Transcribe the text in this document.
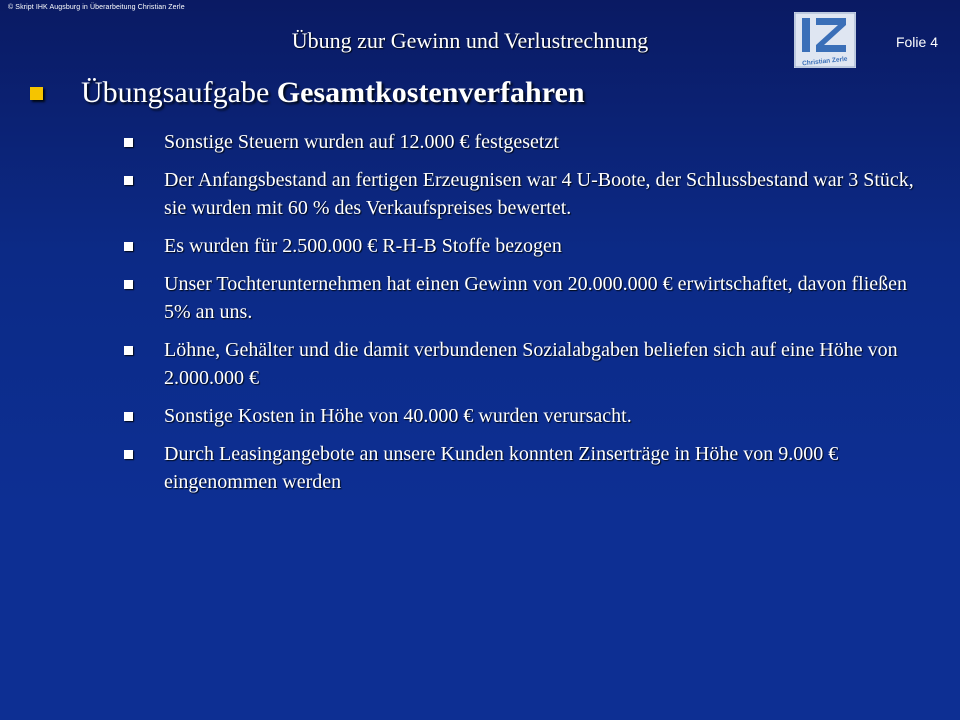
© Skript IHK Augsburg in Überarbeitung Christian Zerle
Übung zur Gewinn und Verlustrechnung
Christian Zerle
Folie 4
Übungsaufgabe
Gesamtkostenverfahren
Sonstige Steuern wurden auf 12.000 € festgesetzt
Der Anfangsbestand an fertigen Erzeugnisen war 4 U-Boote, der Schlussbestand war 3 Stück, sie wurden mit 60 % des Verkaufspreises bewertet.
Es wurden für 2.500.000 € R-H-B Stoffe bezogen
Unser Tochterunternehmen hat einen Gewinn von 20.000.000 € erwirtschaftet, davon fließen 5% an uns.
Löhne, Gehälter und die damit verbundenen Sozialabgaben beliefen sich auf eine Höhe von 2.000.000 €
Sonstige Kosten in Höhe von 40.000 € wurden verursacht.
Durch Leasingangebote an unsere Kunden konnten Zinserträge in Höhe von 9.000 € eingenommen werden
